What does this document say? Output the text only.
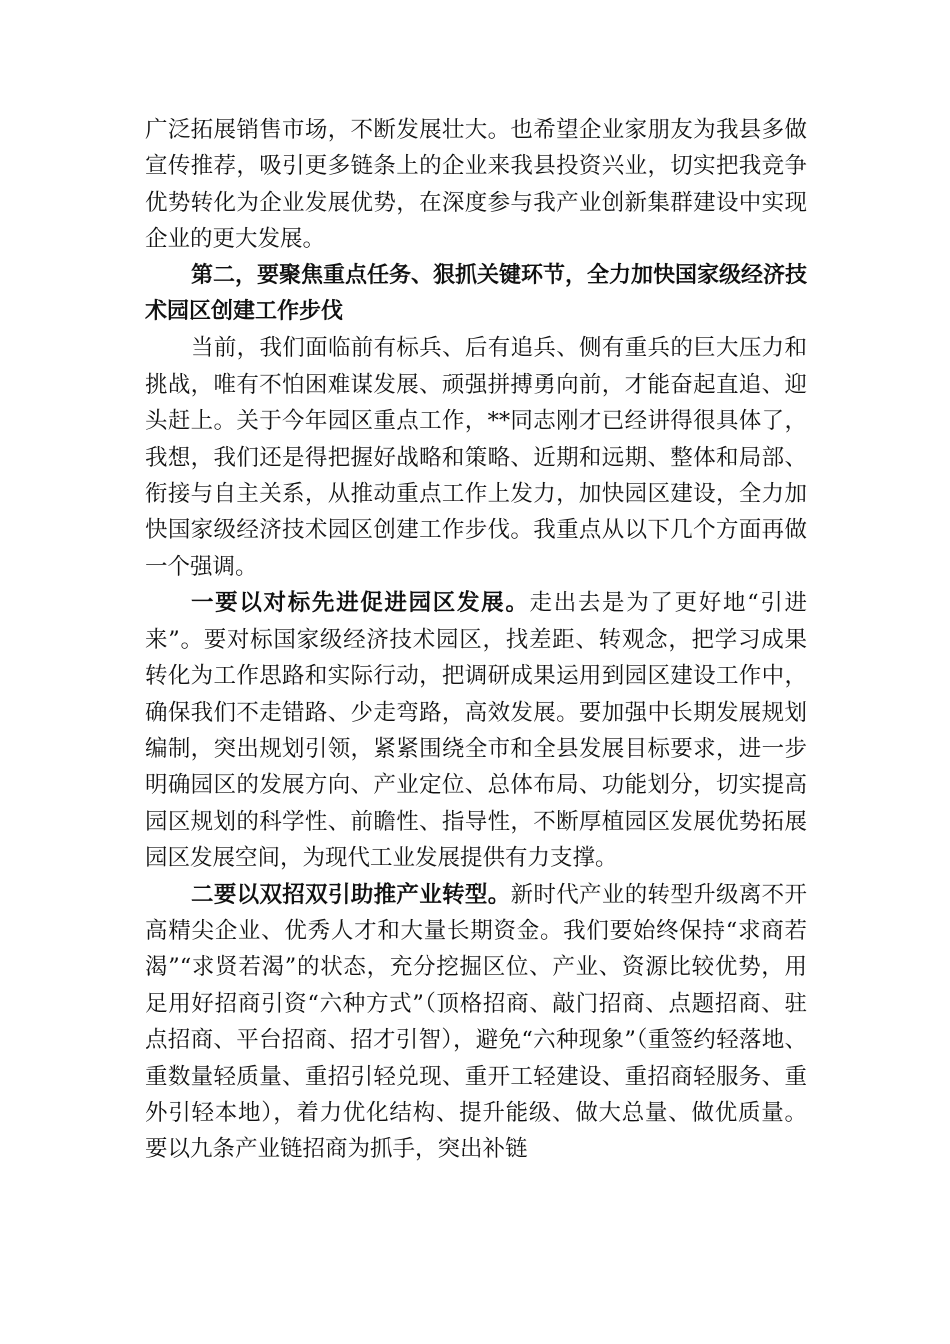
广泛拓展销售市场，不断发展壮大。也希望企业家朋友为我县多做宣传推荐，吸引更多链条上的企业来我县投资兴业，切实把我竞争优势转化为企业发展优势，在深度参与我产业创新集群建设中实现企业的更大发展。

第二，要聚焦重点任务、狠抓关键环节，全力加快国家级经济技术园区创建工作步伐

当前，我们面临前有标兵、后有追兵、侧有重兵的巨大压力和挑战，唯有不怕困难谋发展、顽强拼搏勇向前，才能奋起直追、迎头赶上。关于今年园区重点工作，**同志刚才已经讲得很具体了，我想，我们还是得把握好战略和策略、近期和远期、整体和局部、衔接与自主关系，从推动重点工作上发力，加快园区建设，全力加快国家级经济技术园区创建工作步伐。我重点从以下几个方面再做一个强调。

一要以对标先进促进园区发展。走出去是为了更好地“引进来”。要对标国家级经济技术园区，找差距、转观念，把学习成果转化为工作思路和实际行动，把调研成果运用到园区建设工作中，确保我们不走错路、少走弯路，高效发展。要加强中长期发展规划编制，突出规划引领，紧紧围绕全市和全县发展目标要求，进一步明确园区的发展方向、产业定位、总体布局、功能划分，切实提高园区规划的科学性、前瞻性、指导性，不断厚植园区发展优势拓展园区发展空间，为现代工业发展提供有力支撑。

二要以双招双引助推产业转型。新时代产业的转型升级离不开高精尖企业、优秀人才和大量长期资金。我们要始终保持“求商若渴”“求贤若渴”的状态，充分挖掘区位、产业、资源比较优势，用足用好招商引资“六种方式”（顶格招商、敲门招商、点题招商、驻点招商、平台招商、招才引智），避免“六种现象”（重签约轻落地、重数量轻质量、重招引轻兑现、重开工轻建设、重招商轻服务、重外引轻本地），着力优化结构、提升能级、做大总量、做优质量。要以九条产业链招商为抓手，突出补链
